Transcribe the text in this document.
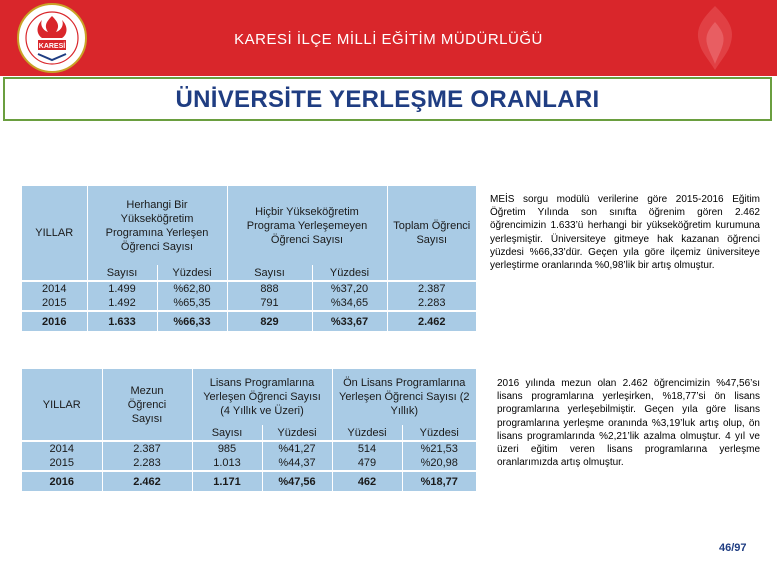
KARESİ	KARESİ İLÇE MİLLİ EĞİTİM MÜDÜRLÜĞÜ
ÜNİVERSİTE YERLEŞME ORANLARI
YILLAR	Herhangi Bir Yükseköğretim Programına Yerleşen Öğrenci Sayısı		Hiçbir Yükseköğretim Programa Yerleşemeyen Öğrenci Sayısı		Toplam Öğrenci Sayısı
	Sayısı	Yüzdesi	Sayısı	Yüzdesi	
2014	1.499	%62,80	888	%37,20	2.387
2015	1.492	%65,35	791	%34,65	2.283
2016	1.633	%66,33	829	%33,67	2.462
YILLAR	Mezun Öğrenci Sayısı	Lisans Programlarına Yerleşen Öğrenci Sayısı (4 Yıllık ve Üzeri)		Ön Lisans Programlarına Yerleşen Öğrenci Sayısı (2 Yıllık)	
		Sayısı	Yüzdesi	Yüzdesi	Yüzdesi
2014	2.387	985	%41,27	514	%21,53
2015	2.283	1.013	%44,37	479	%20,98
2016	2.462	1.171	%47,56	462	%18,77
MEİS sorgu modülü verilerine göre 2015-2016 Eğitim Öğretim Yılında son sınıfta öğrenim gören 2.462 öğrencimizin 1.633’ü herhangi bir yükseköğretim kurumuna yerleşmiştir. Üniversiteye gitmeye hak kazanan öğrenci yüzdesi %66,33’dür. Geçen yıla göre ilçemiz üniversiteye yerleştirme oranlarında %0,98’lik bir artış olmuştur.
2016 yılında mezun olan 2.462 öğrencimizin %47,56’sı lisans programlarına yerleşirken, %18,77’si ön lisans programlarına yerleşebilmiştir. Geçen yıla göre lisans programlarına yerleşme oranında %3,19’luk artış olup, ön lisans programlarında %2,21’lik azalma olmuştur. 4 yıl ve üzeri eğitim veren lisans programlarına yerleşme oranlarımızda artış olmuştur.
46/97
